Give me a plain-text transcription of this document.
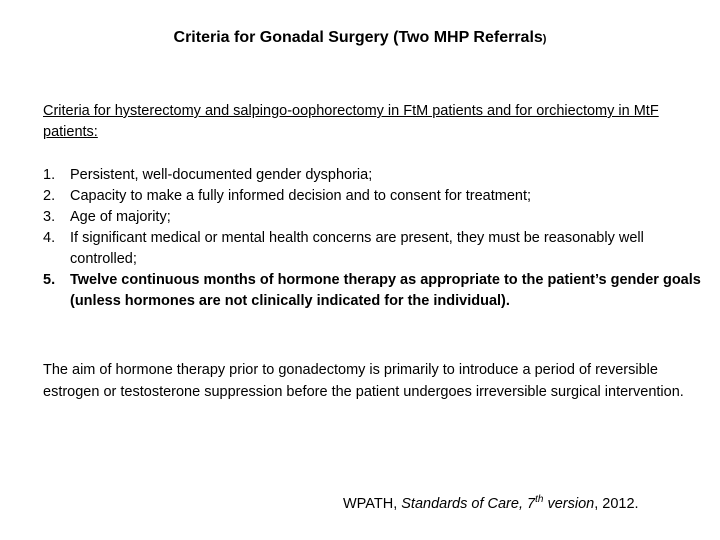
Criteria for Gonadal Surgery (Two MHP Referrals)

Criteria for hysterectomy and salpingo-oophorectomy in FtM patients and for orchiectomy in MtF patients:

1.	Persistent, well-documented gender dysphoria;
2.	Capacity to make a fully informed decision and to consent for treatment;
3.	Age of majority;
4.	If significant medical or mental health concerns are present, they must be reasonably well controlled;
5.	Twelve continuous months of hormone therapy as appropriate to the patient’s gender goals (unless hormones are not clinically indicated for the individual).

The aim of hormone therapy prior to gonadectomy is primarily to introduce a period of reversible estrogen or testosterone suppression before the patient undergoes irreversible surgical intervention.

WPATH, Standards of Care, 7th version, 2012.
